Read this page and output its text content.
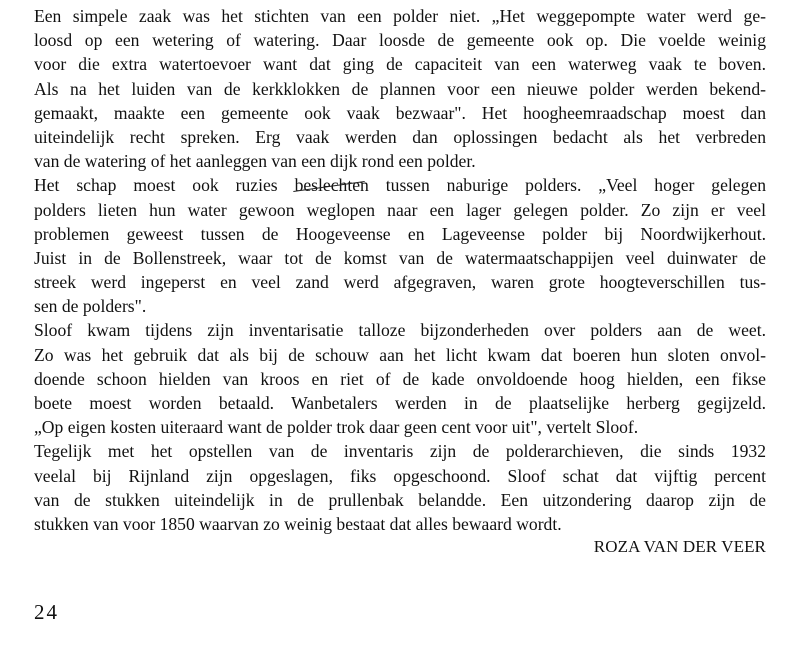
Een simpele zaak was het stichten van een polder niet. „Het weggepompte water werd ge-
loosd op een wetering of watering. Daar loosde de gemeente ook op. Die voelde weinig
voor die extra watertoevoer want dat ging de capaciteit van een waterweg vaak te boven.
Als na het luiden van de kerkklokken de plannen voor een nieuwe polder werden bekend-
gemaakt, maakte een gemeente ook vaak bezwaar". Het hoogheemraadschap moest dan
uiteindelijk recht spreken. Erg vaak werden dan oplossingen bedacht als het verbreden
van de watering of het aanleggen van een dijk rond een polder.
Het schap moest ook ruzies beslechten tussen naburige polders. „Veel hoger gelegen
polders lieten hun water gewoon weglopen naar een lager gelegen polder. Zo zijn er veel
problemen geweest tussen de Hoogeveense en Lageveense polder bij Noordwijkerhout.
Juist in de Bollenstreek, waar tot de komst van de watermaatschappijen veel duinwater de
streek werd ingeperst en veel zand werd afgegraven, waren grote hoogteverschillen tus-
sen de polders".
Sloof kwam tijdens zijn inventarisatie talloze bijzonderheden over polders aan de weet.
Zo was het gebruik dat als bij de schouw aan het licht kwam dat boeren hun sloten onvol-
doende schoon hielden van kroos en riet of de kade onvoldoende hoog hielden, een fikse
boete moest worden betaald. Wanbetalers werden in de plaatselijke herberg gegijzeld.
„Op eigen kosten uiteraard want de polder trok daar geen cent voor uit", vertelt Sloof.
Tegelijk met het opstellen van de inventaris zijn de polderarchieven, die sinds 1932
veelal bij Rijnland zijn opgeslagen, fiks opgeschoond. Sloof schat dat vijftig percent
van de stukken uiteindelijk in de prullenbak belandde. Een uitzondering daarop zijn de
stukken van voor 1850 waarvan zo weinig bestaat dat alles bewaard wordt.
ROZA VAN DER VEER
24
